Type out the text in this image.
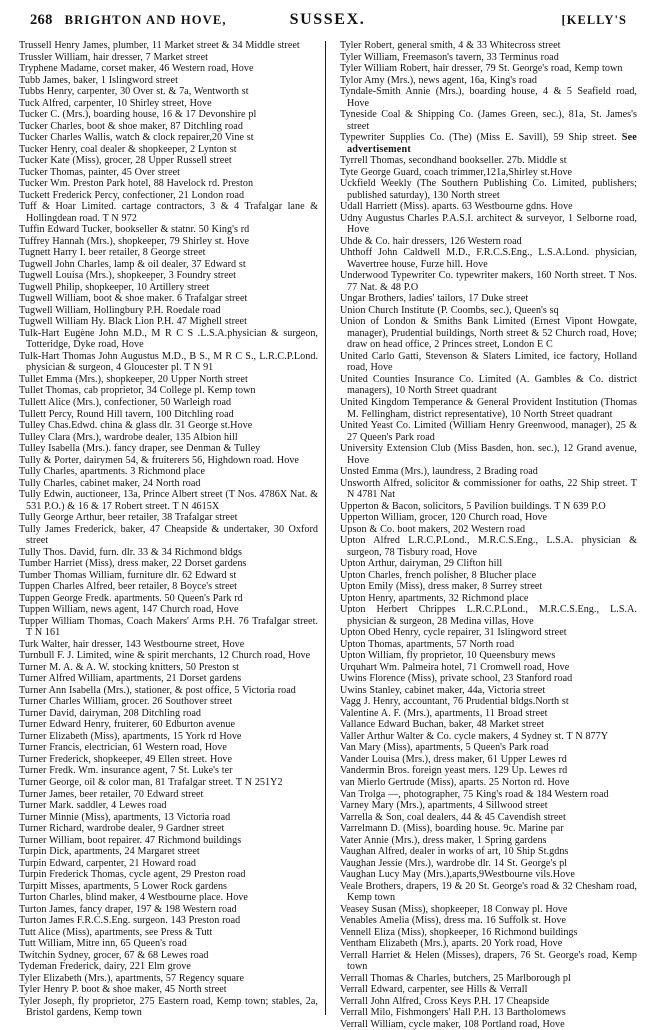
268 BRIGHTON AND HOVE,	SUSSEX.	[KELLY'S

Trussell Henry James, plumber, 11 Market street & 34 Middle street

Trussler William, hair dresser, 7 Market street

Tryphene Madame, corset maker, 46 Western road, Hove

Tubb James, baker, 1 Islingword street

Tubbs Henry, carpenter, 30 Over st. & 7a, Wentworth st

Tuck Alfred, carpenter, 10 Shirley street, Hove

Tucker C. (Mrs.), boarding house, 16 & 17 Devonshire pl

Tucker Charles, boot & shoe maker, 87 Ditchling road

Tucker Charles Wallis, watch & clock repairer,20 Vine st

Tucker Henry, coal dealer & shopkeeper, 2 Lynton st

Tucker Kate (Miss), grocer, 28 Upper Russell street

Tucker Thomas, painter, 45 Over street

Tucker Wm. Preston Park hotel, 88 Havelock rd. Preston

Tuckett Frederick Percy, confectioner, 21 London road

Tuff & Hoar Limited. cartage contractors, 3 & 4 Trafalgar lane & Hollingdean road. T N 972

Tuffin Edward Tucker, bookseller & statnr. 50 King's rd

Tuffrey Hannah (Mrs.), shopkeeper, 79 Shirley st. Hove

Tugnett Harry I. beer retailer, 8 George street

Tugwell John Charles, lamp & oil dealer, 37 Edward st

Tugwell Louisa (Mrs.), shopkeeper, 3 Foundry street

Tugwell Philip, shopkeeper, 10 Artillery street

Tugwell William, boot & shoe maker. 6 Trafalgar street

Tugwell William, Hollingbury P.H. Roedale road

Tugwell William Hy. Black Lion P.H. 47 Mighell street

Tulk-Hart Eugène John M.D., M R C S .L.S.A.physician & surgeon, Totteridge, Dyke road, Hove

Tulk-Hart Thomas John Augustus M.D., B S., M R C S., L.R.C.P.Lond. physician & surgeon, 4 Gloucester pl. T N 91

Tullet Emma (Mrs.), shopkeeper, 20 Upper North street

Tullet Thomas, cab proprietor, 34 College pl. Kemp town

Tullett Alice (Mrs.), confectioner, 50 Warleigh road

Tullett Percy, Round Hill tavern, 100 Ditchling road

Tulley Chas.Edwd. china & glass dlr. 31 George st.Hove

Tulley Clara (Mrs.), wardrobe dealer, 135 Albion hill

Tulley Isabella (Mrs.). fancy draper, see Denman & Tulley

Tully & Porter, dairymen 54, & fruiterers 56, Highdown road. Hove

Tully Charles, apartments. 3 Richmond place

Tully Charles, cabinet maker, 24 North road

Tully Edwin, auctioneer, 13a, Prince Albert street (T Nos. 4786X Nat. & 531 P.O.) & 16 & 17 Robert street. T N 4615X

Tully George Arthur, beer retailer, 38 Trafalgar street

Tully James Frederick, baker, 47 Cheapside & undertaker, 30 Oxford street

Tully Thos. David, furn. dlr. 33 & 34 Richmond bldgs

Tumber Harriet (Miss), dress maker, 22 Dorset gardens

Tumber Thomas William, furniture dlr. 62 Edward st

Tuppen Charles Alfred, beer retailer, 8 Boyce's street

Tuppen George Fredk. apartments. 50 Queen's Park rd

Tuppen William, news agent, 147 Church road, Hove

Tupper William Thomas, Coach Makers' Arms P.H. 76 Trafalgar street. T N 161

Turk Walter, hair dresser, 143 Westbourne street, Hove

Turnbull F. J. Limited, wine & spirit merchants, 12 Church road, Hove

Turner M. A. & A. W. stocking knitters, 50 Preston st

Turner Alfred William, apartments, 21 Dorset gardens

Turner Ann Isabella (Mrs.), stationer, & post office, 5 Victoria road

Turner Charles William, grocer. 26 Southover street

Turner David, dairyman, 208 Ditchling road

Turner Edward Henry, fruiterer, 60 Edburton avenue

Turner Elizabeth (Miss), apartments, 15 York rd Hove

Turner Francis, electrician, 61 Western road, Hove

Turner Frederick, shopkeeper, 49 Ellen street. Hove

Turner Fredk. Wm. insurance agent, 7 St. Luke's ter

Turner George, oil & color man, 81 Trafalgar street. T N 251Y2

Turner James, beer retailer, 70 Edward street

Turner Mark. saddler, 4 Lewes road

Turner Minnie (Miss), apartments, 13 Victoria road

Turner Richard, wardrobe dealer, 9 Gardner street

Turner William, boot repairer. 47 Richmond buildings

Turpin Dick, apartments, 24 Margaret street

Turpin Edward, carpenter, 21 Howard road

Turpin Frederick Thomas, cycle agent, 29 Preston road

Turpitt Misses, apartments, 5 Lower Rock gardens

Turton Charles, blind maker, 4 Westbourne place. Hove

Turton James, fancy draper, 197 & 198 Western road

Turton James F.R.C.S.Eng. surgeon. 143 Preston road

Tutt Alice (Miss), apartments, see Press & Tutt

Tutt William, Mitre inn, 65 Queen's road

Twitchin Sydney, grocer, 67 & 68 Lewes road

Tydeman Frederick, dairy, 221 Elm grove

Tyler Elizabeth (Mrs.), apartments, 57 Regency square

Tyler Henry P. boot & shoe maker, 45 North street

Tyler Joseph, fly proprietor, 275 Eastern road, Kemp town; stables, 2a, Bristol gardens, Kemp town

Tyler Robert, general smith, 4 & 33 Whitecross street

Tyler William, Freemason's tavern, 33 Terminus road

Tyler William Robert, hair dresser, 79 St. George's road, Kemp town

Tylor Amy (Mrs.), news agent, 16a, King's road

Tyndale-Smith Annie (Mrs.), boarding house, 4 & 5 Seafield road, Hove

Tyneside Coal & Shipping Co. (James Green, sec.), 81a, St. James's street

Typewriter Supplies Co. (The) (Miss E. Savill), 59 Ship street. See advertisement

Tyrrell Thomas, secondhand bookseller. 27b. Middle st

Tyte George Guard, coach trimmer,121a,Shirley st.Hove

Uckfield Weekly (The Southern Publishing Co. Limited, publishers; published saturday), 130 North street

Udall Harriett (Miss). aparts. 63 Westbourne gdns. Hove

Udny Augustus Charles P.A.S.I. architect & surveyor, 1 Selborne road, Hove

Uhde & Co. hair dressers, 126 Western road

Uhthoff John Caldwell M.D., F.R.C.S.Eng., L.S.A.Lond. physician, Wavertree house, Furze hill. Hove

Underwood Typewriter Co. typewriter makers, 160 North street. T Nos. 77 Nat. & 48 P.O

Ungar Brothers, ladies' tailors, 17 Duke street

Union Church Institute (P. Coombs, sec.), Queen's sq

Union of London & Smiths Bank Limited (Ernest Vipont Howgate, manager), Prudential buildings, North street & 52 Church road, Hove; draw on head office, 2 Princes street, London E C

United Carlo Gatti, Stevenson & Slaters Limited, ice factory, Holland road, Hove

United Counties Insurance Co. Limited (A. Gambles & Co. district managers), 10 North Street quadrant

United Kingdom Temperance & General Provident Institution (Thomas M. Fellingham, district representative), 10 North Street quadrant

United Yeast Co. Limited (William Henry Greenwood, manager), 25 & 27 Queen's Park road

University Extension Club (Miss Basden, hon. sec.), 12 Grand avenue, Hove

Unsted Emma (Mrs.), laundress, 2 Brading road

Unsworth Alfred, solicitor & commissioner for oaths, 22 Ship street. T N 4781 Nat

Upperton & Bacon, solicitors, 5 Pavilion buildings. T N 639 P.O

Upperton William, grocer, 120 Church road, Hove

Upson & Co. boot makers, 202 Western road

Upton Alfred L.R.C.P.Lond., M.R.C.S.Eng., L.S.A. physician & surgeon, 78 Tisbury road, Hove

Upton Arthur, dairyman, 29 Clifton hill

Upton Charles, french polisher, 8 Blucher place

Upton Emily (Miss), dress maker, 8 Surrey street

Upton Henry, apartments, 32 Richmond place

Upton Herbert Chrippes L.R.C.P.Lond., M.R.C.S.Eng., L.S.A. physician & surgeon, 28 Medina villas, Hove

Upton Obed Henry, cycle repairer, 31 Islingword street

Upton Thomas, apartments, 57 North road

Upton William, fly proprietor, 10 Queensbury mews

Urquhart Wm. Palmeira hotel, 71 Cromwell road, Hove

Uwins Florence (Miss), private school, 23 Stanford road

Uwins Stanley, cabinet maker, 44a, Victoria street

Vagg J. Henry, accountant, 76 Prudential bldgs.North st

Valentine A. F. (Mrs.), apartments, 11 Broad street

Vallance Edward Buchan, baker, 48 Market street

Valler Arthur Walter & Co. cycle makers, 4 Sydney st. T N 877Y

Van Mary (Miss), apartments, 5 Queen's Park road

Vander Louisa (Mrs.), dress maker, 61 Upper Lewes rd

Vandermin Bros. foreign yeast mers. 129 Up. Lewes rd

van Mierlo Gertrude (Miss), aparts. 25 Norton rd. Hove

Van Trolga —, photographer, 75 King's road & 184 Western road

Varney Mary (Mrs.), apartments, 4 Sillwood street

Varrella & Son, coal dealers, 44 & 45 Cavendish street

Varrelmann D. (Miss), boarding house. 9c. Marine par

Vater Annie (Mrs.), dress maker, 1 Spring gardens

Vaughan Alfred, dealer in works of art, 10 Ship St.gdns

Vaughan Jessie (Mrs.), wardrobe dlr. 14 St. George's pl

Vaughan Lucy May (Mrs.),aparts,9Westbourne vils.Hove

Veale Brothers, drapers, 19 & 20 St. George's road & 32 Chesham road, Kemp town

Veasey Susan (Miss), shopkeeper, 18 Conway pl. Hove

Venables Amelia (Miss), dress ma. 16 Suffolk st. Hove

Vennell Eliza (Miss), shopkeeper, 16 Richmond buildings

Ventham Elizabeth (Mrs.), aparts. 20 York road, Hove

Verrall Harriet & Helen (Misses), drapers, 76 St. George's road, Kemp town

Verrall Thomas & Charles, butchers, 25 Marlborough pl

Verrall Edward, carpenter, see Hills & Verrall

Verrall John Alfred, Cross Keys P.H. 17 Cheapside

Verrall Milo, Fishmongers' Hall P.H. 13 Bartholomews

Verrall William, cycle maker, 108 Portland road, Hove
